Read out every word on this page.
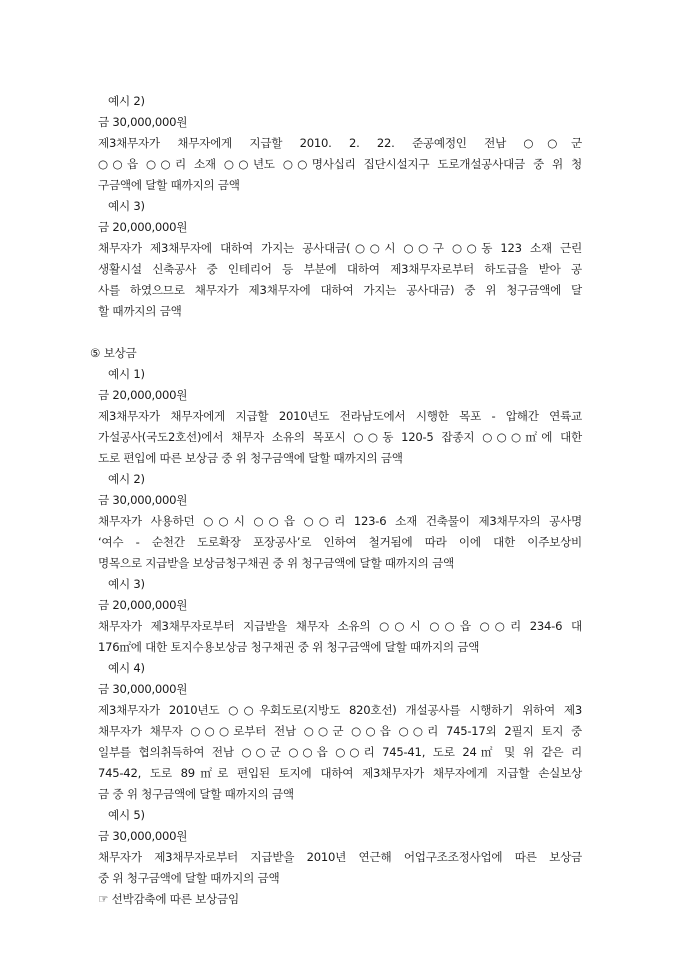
예시 2)
금 30,000,000원
제3채무자가 채무자에게 지급할 2010. 2. 22. 준공예정인 전남 ○○군
○○읍 ○○리 소재 ○○년도 ○○명사십리 집단시설지구 도로개설공사대금 중 위 청
구금액에 달할 때까지의 금액
예시 3)
금 20,000,000원
채무자가 제3채무자에 대하여 가지는 공사대금(○○시 ○○구 ○○동 123 소재 근린
생활시설 신축공사 중 인테리어 등 부분에 대하여 제3채무자로부터 하도급을 받아 공
사를 하였으므로 채무자가 제3채무자에 대하여 가지는 공사대금) 중 위 청구금액에 달
할 때까지의 금액
⑤ 보상금
예시 1)
금 20,000,000원
제3채무자가 채무자에게 지급할 2010년도 전라남도에서 시행한 목포 - 압해간 연륙교
가설공사(국도2호선)에서 채무자 소유의 목포시 ○○동 120-5 잡종지 ○○○㎡에 대한
도로 편입에 따른 보상금 중 위 청구금액에 달할 때까지의 금액
예시 2)
금 30,000,000원
채무자가 사용하던 ○○시 ○○읍 ○○리 123-6 소재 건축물이 제3채무자의 공사명
‘여수 - 순천간 도로확장 포장공사’로 인하여 철거됨에 따라 이에 대한 이주보상비
명목으로 지급받을 보상금청구채권 중 위 청구금액에 달할 때까지의 금액
예시 3)
금 20,000,000원
채무자가 제3채무자로부터 지급받을 채무자 소유의 ○○시 ○○읍 ○○리 234-6 대
176㎡에 대한 토지수용보상금 청구채권 중 위 청구금액에 달할 때까지의 금액
예시 4)
금 30,000,000원
제3채무자가 2010년도 ○○우회도로(지방도 820호선) 개설공사를 시행하기 위하여 제3
채무자가 채무자 ○○○로부터 전남 ○○군 ○○읍 ○○리 745-17외 2필지 토지 중
일부를 협의취득하여 전남 ○○군 ○○읍 ○○리 745-41, 도로 24㎡ 및 위 같은 리
745-42, 도로 89㎡로 편입된 토지에 대하여 제3채무자가 채무자에게 지급할 손실보상
금 중 위 청구금액에 달할 때까지의 금액
예시 5)
금 30,000,000원
채무자가 제3채무자로부터 지급받을 2010년 연근해 어업구조조정사업에 따른 보상금
중 위 청구금액에 달할 때까지의 금액
☞ 선박감축에 따른 보상금임
